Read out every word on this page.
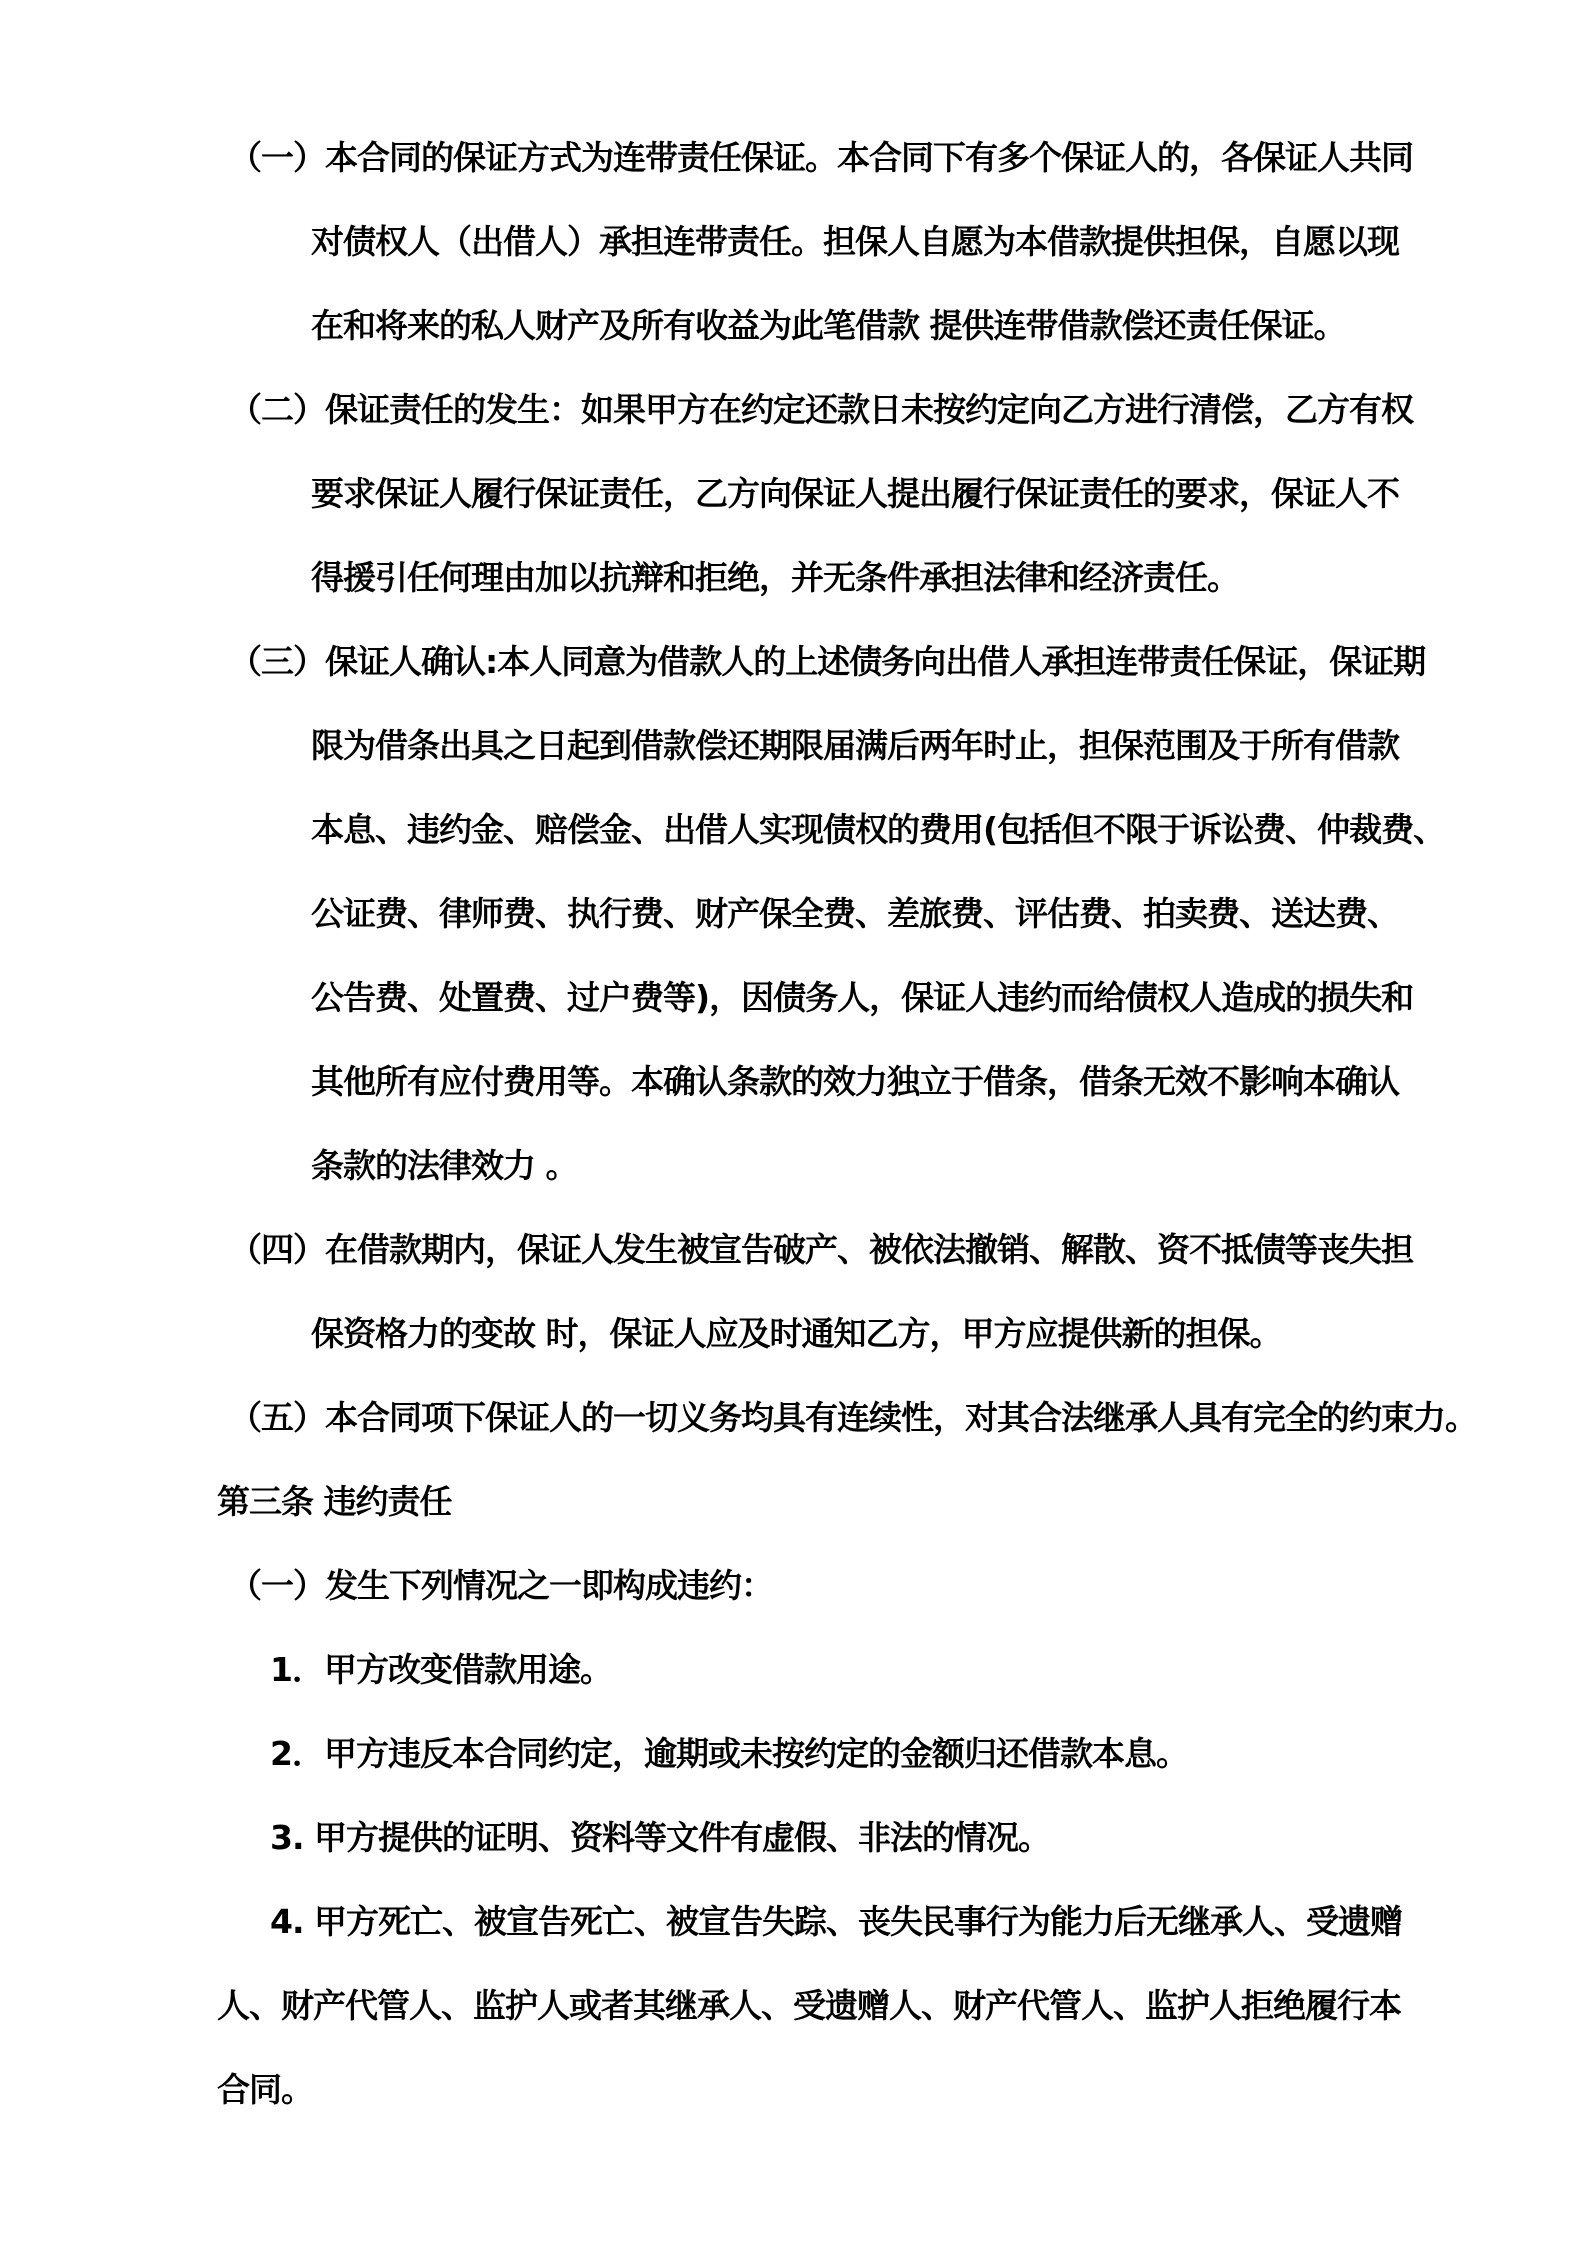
（一）本合同的保证方式为连带责任保证。本合同下有多个保证人的，各保证人共同
对债权人（出借人）承担连带责任。担保人自愿为本借款提供担保，自愿以现
在和将来的私人财产及所有收益为此笔借款 提供连带借款偿还责任保证。
（二）保证责任的发生：如果甲方在约定还款日未按约定向乙方进行清偿，乙方有权
要求保证人履行保证责任，乙方向保证人提出履行保证责任的要求，保证人不
得援引任何理由加以抗辩和拒绝，并无条件承担法律和经济责任。
（三）保证人确认:本人同意为借款人的上述债务向出借人承担连带责任保证，保证期
限为借条出具之日起到借款偿还期限届满后两年时止，担保范围及于所有借款
本息、违约金、赔偿金、出借人实现债权的费用(包括但不限于诉讼费、仲裁费、
公证费、律师费、执行费、财产保全费、差旅费、评估费、拍卖费、送达费、
公告费、处置费、过户费等)，因债务人，保证人违约而给债权人造成的损失和
其他所有应付费用等。本确认条款的效力独立于借条，借条无效不影响本确认
条款的法律效力 。
（四）在借款期内，保证人发生被宣告破产、被依法撤销、解散、资不抵债等丧失担
保资格力的变故 时，保证人应及时通知乙方，甲方应提供新的担保。
（五）本合同项下保证人的一切义务均具有连续性，对其合法继承人具有完全的约束力。
第三条 违约责任
（一）发生下列情况之一即构成违约：
1．甲方改变借款用途。
2．甲方违反本合同约定，逾期或未按约定的金额归还借款本息。
3. 甲方提供的证明、资料等文件有虚假、非法的情况。
4. 甲方死亡、被宣告死亡、被宣告失踪、丧失民事行为能力后无继承人、受遗赠
人、财产代管人、监护人或者其继承人、受遗赠人、财产代管人、监护人拒绝履行本
合同。
